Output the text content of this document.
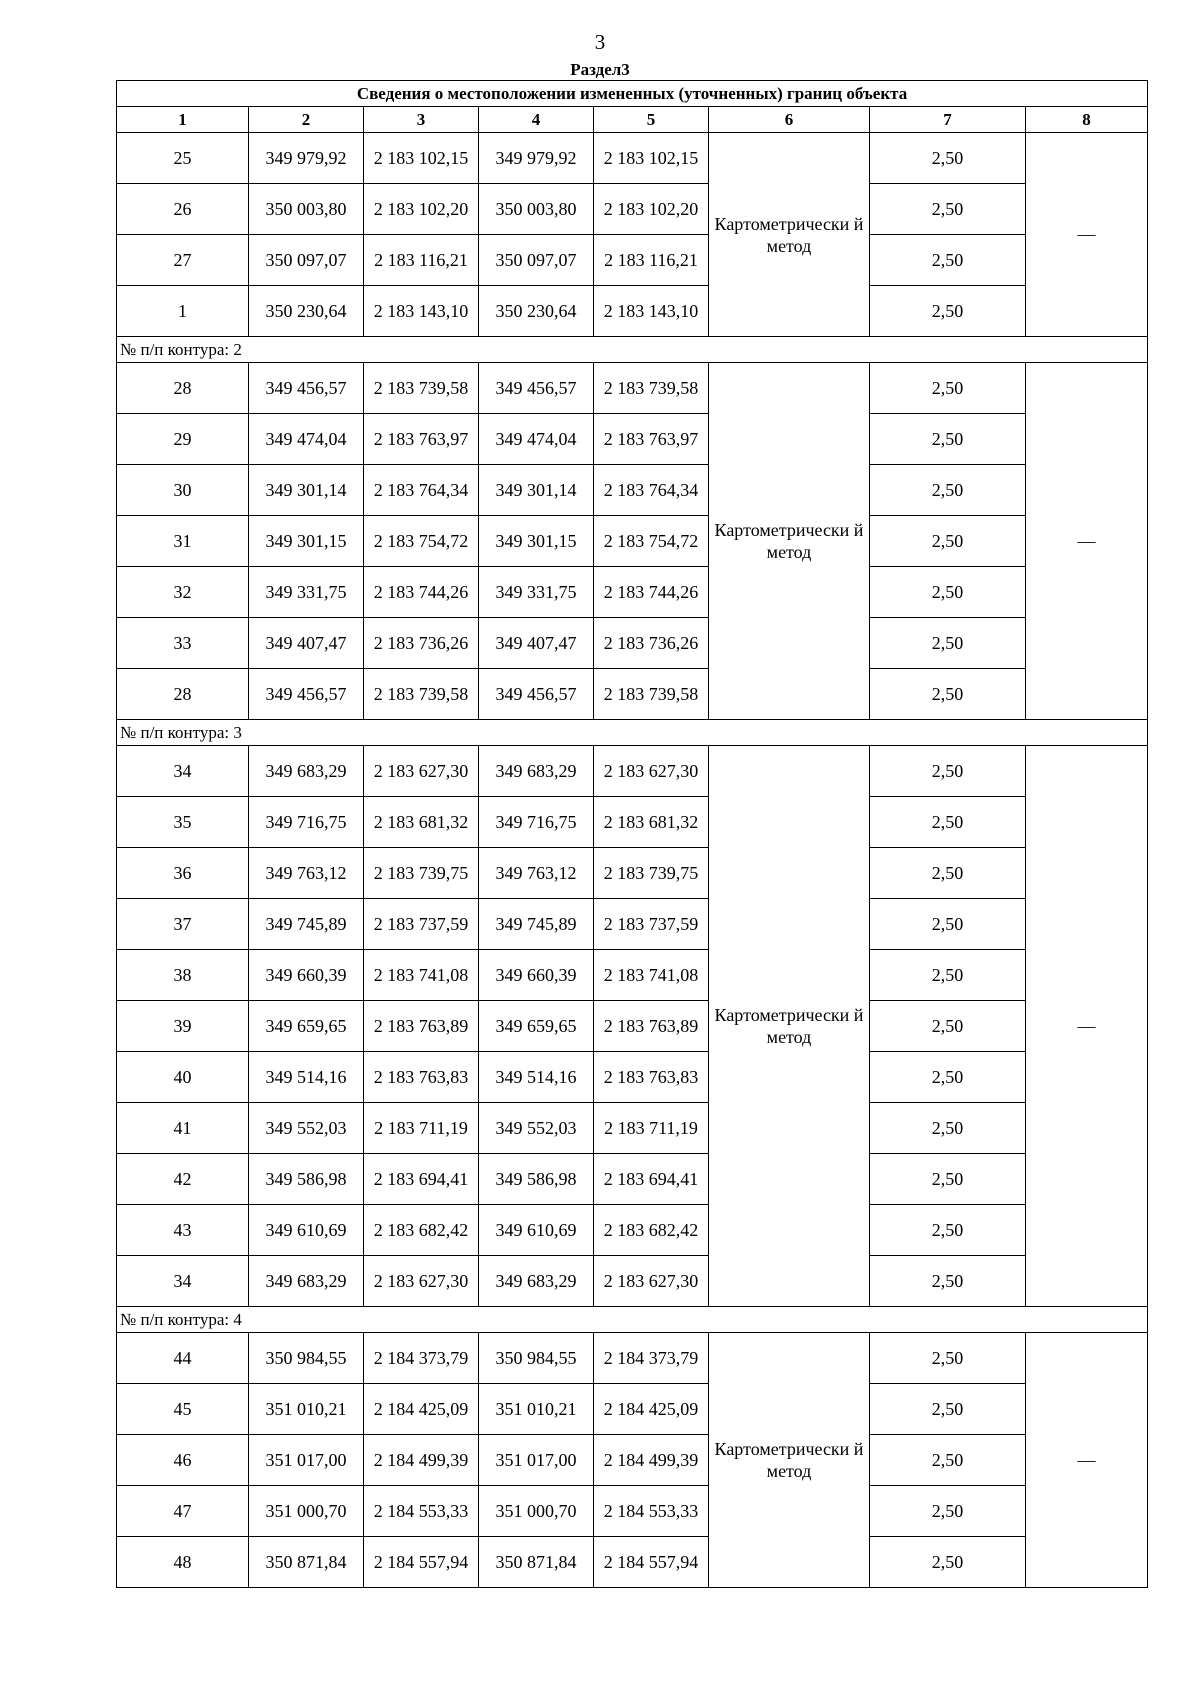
3
Раздел3
Сведения о местоположении измененных (уточненных) границ объекта							
1	2	3	4	5	6	7	8
25	349 979,92	2 183 102,15	349 979,92	2 183 102,15	Картометрически й метод	2,50	—
26	350 003,80	2 183 102,20	350 003,80	2 183 102,20		2,50	
27	350 097,07	2 183 116,21	350 097,07	2 183 116,21		2,50	
1	350 230,64	2 183 143,10	350 230,64	2 183 143,10		2,50	
№ п/п контура: 2							
28	349 456,57	2 183 739,58	349 456,57	2 183 739,58	Картометрически й метод	2,50	—
29	349 474,04	2 183 763,97	349 474,04	2 183 763,97		2,50	
30	349 301,14	2 183 764,34	349 301,14	2 183 764,34		2,50	
31	349 301,15	2 183 754,72	349 301,15	2 183 754,72		2,50	
32	349 331,75	2 183 744,26	349 331,75	2 183 744,26		2,50	
33	349 407,47	2 183 736,26	349 407,47	2 183 736,26		2,50	
28	349 456,57	2 183 739,58	349 456,57	2 183 739,58		2,50	
№ п/п контура: 3							
34	349 683,29	2 183 627,30	349 683,29	2 183 627,30	Картометрически й метод	2,50	—
35	349 716,75	2 183 681,32	349 716,75	2 183 681,32		2,50	
36	349 763,12	2 183 739,75	349 763,12	2 183 739,75		2,50	
37	349 745,89	2 183 737,59	349 745,89	2 183 737,59		2,50	
38	349 660,39	2 183 741,08	349 660,39	2 183 741,08		2,50	
39	349 659,65	2 183 763,89	349 659,65	2 183 763,89		2,50	
40	349 514,16	2 183 763,83	349 514,16	2 183 763,83		2,50	
41	349 552,03	2 183 711,19	349 552,03	2 183 711,19		2,50	
42	349 586,98	2 183 694,41	349 586,98	2 183 694,41		2,50	
43	349 610,69	2 183 682,42	349 610,69	2 183 682,42		2,50	
34	349 683,29	2 183 627,30	349 683,29	2 183 627,30		2,50	
№ п/п контура: 4							
44	350 984,55	2 184 373,79	350 984,55	2 184 373,79	Картометрически й метод	2,50	—
45	351 010,21	2 184 425,09	351 010,21	2 184 425,09		2,50	
46	351 017,00	2 184 499,39	351 017,00	2 184 499,39		2,50	
47	351 000,70	2 184 553,33	351 000,70	2 184 553,33		2,50	
48	350 871,84	2 184 557,94	350 871,84	2 184 557,94		2,50	
